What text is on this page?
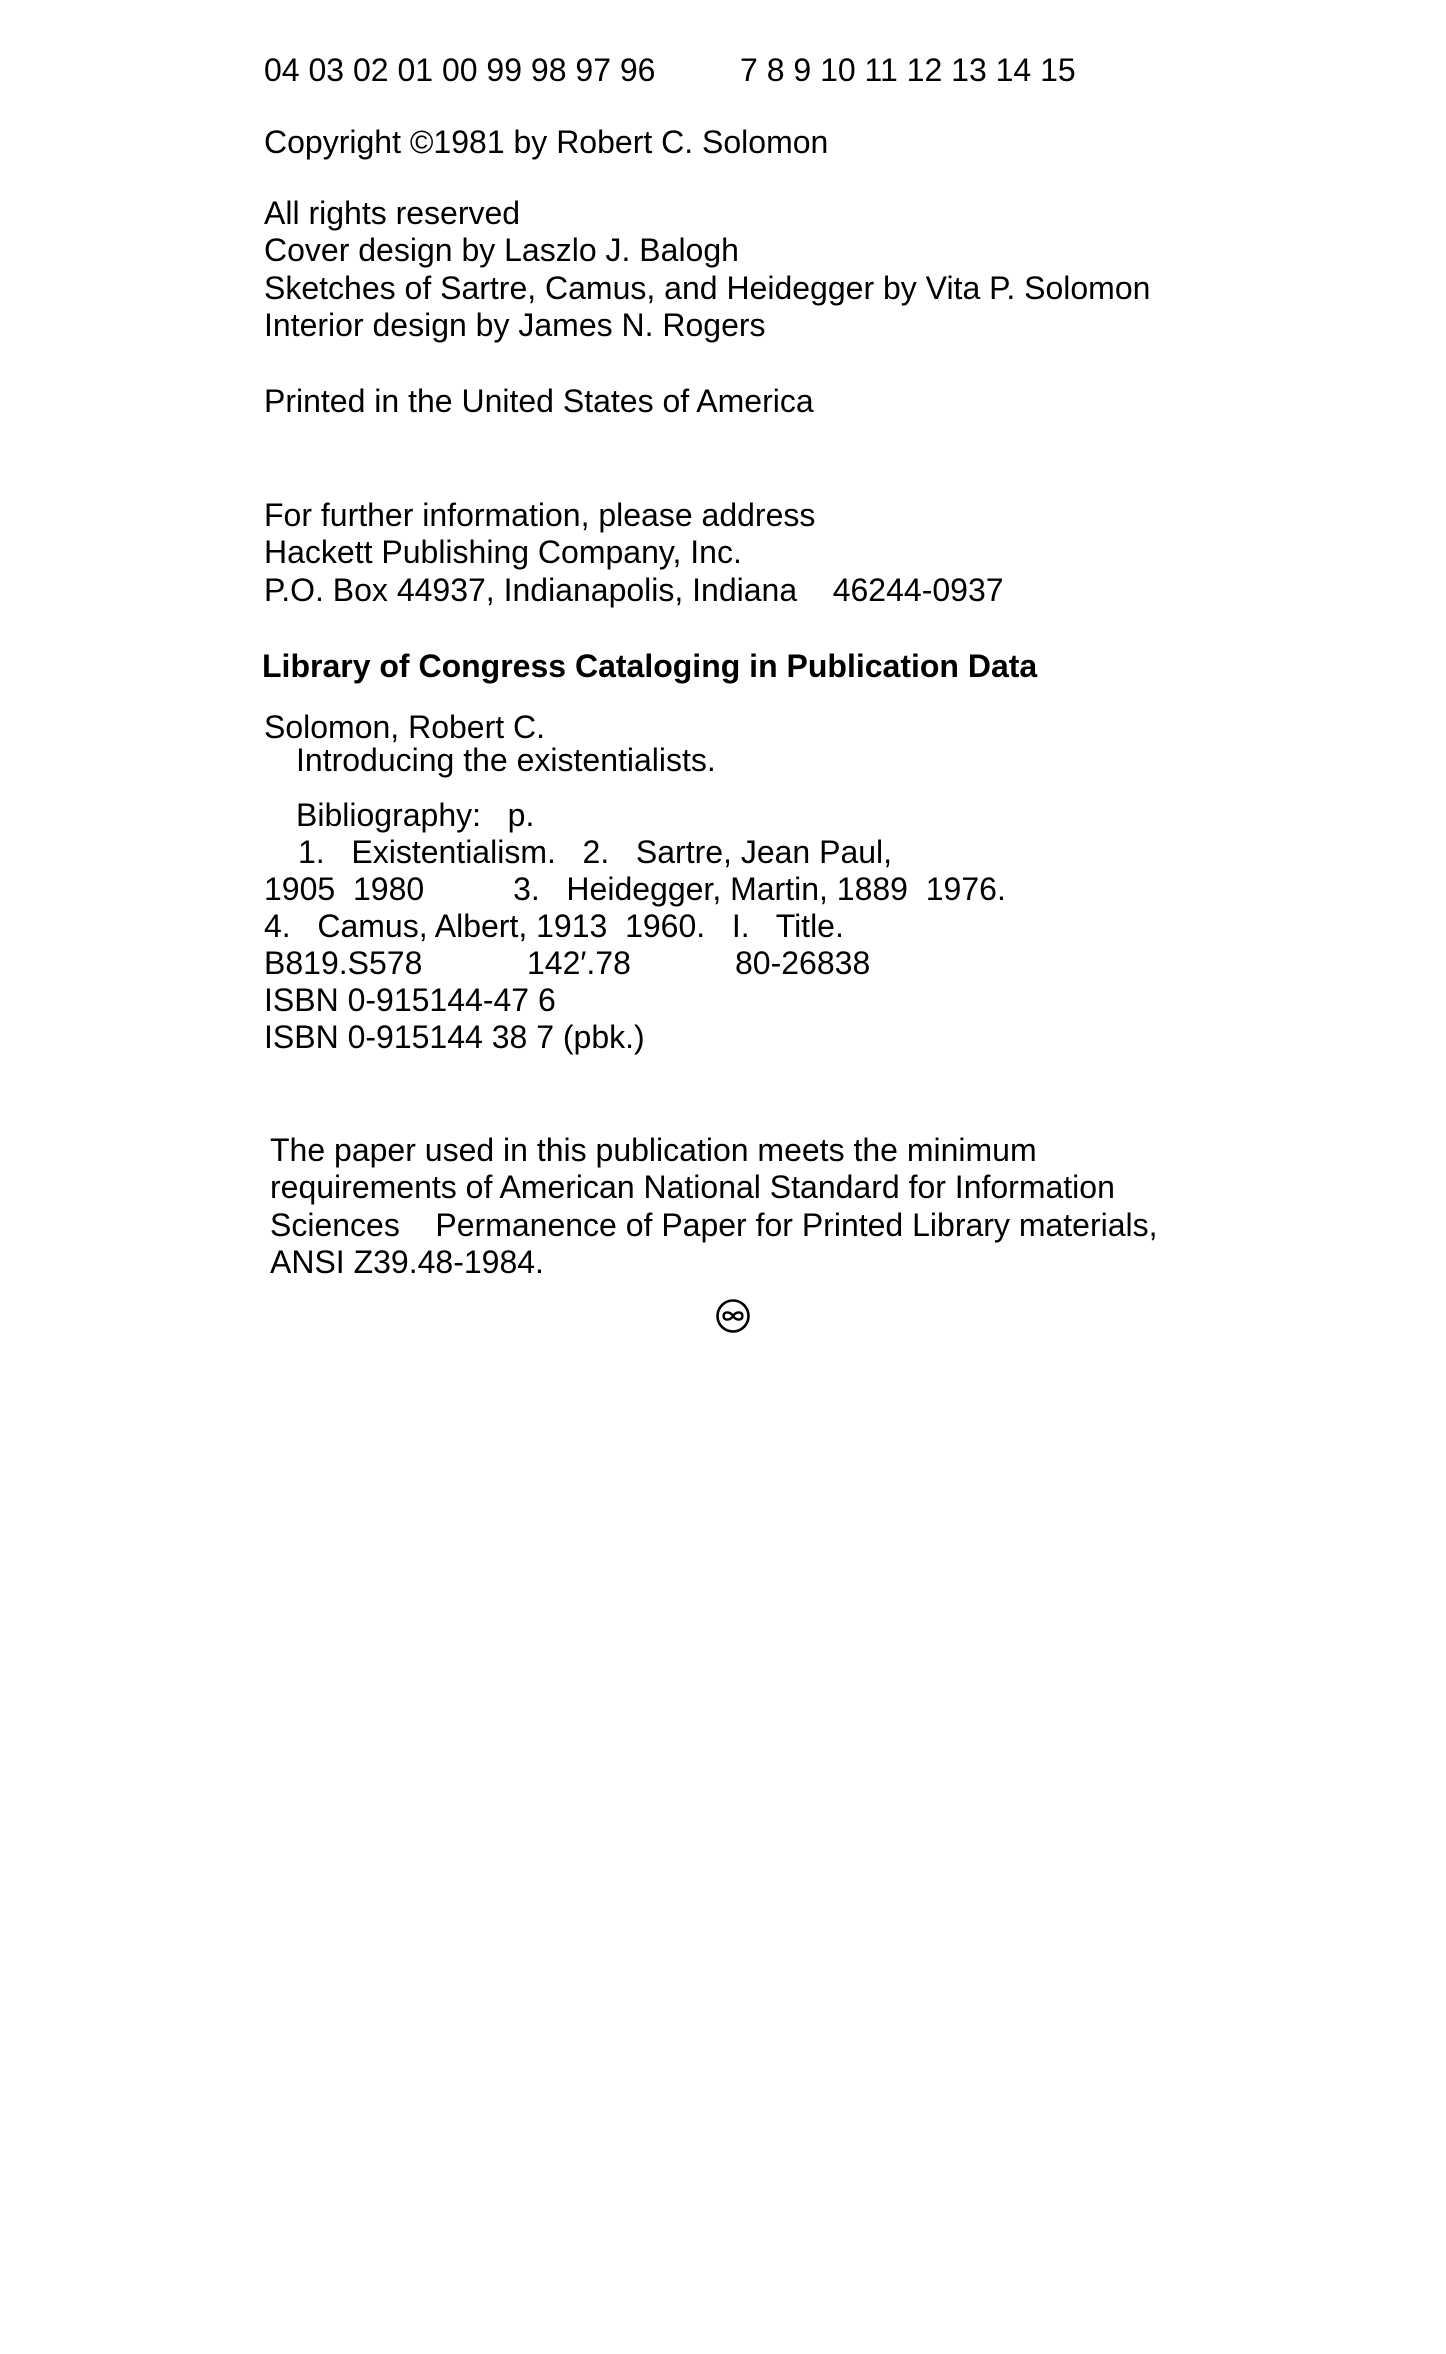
04 03 02 01 00 99 98 97 96	7 8 9 10 11 12 13 14 15
Copyright ©1981 by Robert C. Solomon
All rights reserved
Cover design by Laszlo J. Balogh
Sketches of Sartre, Camus, and Heidegger by Vita P. Solomon
Interior design by James N. Rogers
Printed in the United States of America
For further information, please address
Hackett Publishing Company, Inc.
P.O. Box 44937, Indianapolis, Indiana    46244-0937
Library of Congress Cataloging in Publication Data
Solomon, Robert C.
Introducing the existentialists.
Bibliography:   p.
1.   Existentialism.   2.   Sartre, Jean Paul,
1905  1980          3.   Heidegger, Martin, 1889  1976.
4.   Camus, Albert, 1913  1960.   I.   Title.
B819.S578	142′.78	80-26838
ISBN 0-915144-47 6
ISBN 0-915144 38 7 (pbk.)
The paper used in this publication meets the minimum
requirements of American National Standard for Information
Sciences    Permanence of Paper for Printed Library materials,
ANSI Z39.48-1984.
